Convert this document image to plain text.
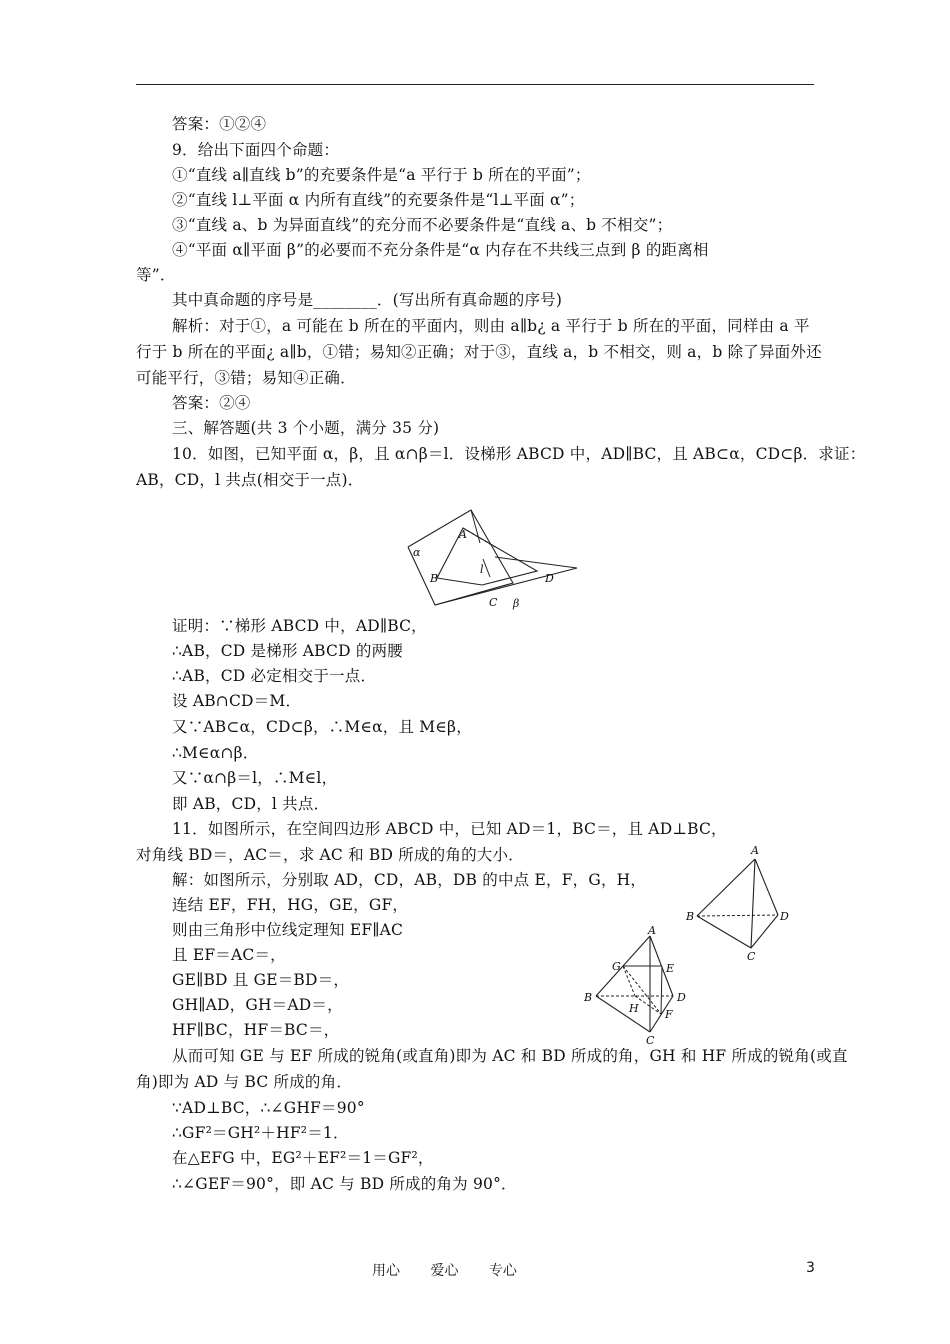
答案：①②④
9．给出下面四个命题：
①“直线 a∥直线 b”的充要条件是“a 平行于 b 所在的平面”；
②“直线 l⊥平面 α 内所有直线”的充要条件是“l⊥平面 α”；
③“直线 a、b 为异面直线”的充分而不必要条件是“直线 a、b 不相交”；
④“平面 α∥平面 β”的必要而不充分条件是“α 内存在不共线三点到 β 的距离相
等”．
其中真命题的序号是________．(写出所有真命题的序号)
解析：对于①，a 可能在 b 所在的平面内，则由 a∥b¿ a 平行于 b 所在的平面，同样由 a 平
行于 b 所在的平面¿ a∥b，①错；易知②正确；对于③，直线 a，b 不相交，则 a，b 除了异面外还
可能平行，③错；易知④正确．
答案：②④
三、解答题(共 3 个小题，满分 35 分)
10．如图，已知平面 α，β，且 α∩β＝l．设梯形 ABCD 中，AD∥BC，且 AB⊂α，CD⊂β．求证：
AB，CD，l 共点(相交于一点)．
证明：∵梯形 ABCD 中，AD∥BC，
∴AB，CD 是梯形 ABCD 的两腰
∴AB，CD 必定相交于一点．
设 AB∩CD＝M．
又∵AB⊂α，CD⊂β，∴M∈α，且 M∈β，
∴M∈α∩β．
又∵α∩β＝l，∴M∈l，
即 AB，CD，l 共点．
11．如图所示，在空间四边形 ABCD 中，已知 AD＝1，BC＝，且 AD⊥BC，
对角线 BD＝，AC＝，求 AC 和 BD 所成的角的大小．
解：如图所示，分别取 AD，CD，AB，DB 的中点 E，F，G，H，
连结 EF，FH，HG，GE，GF，
则由三角形中位线定理知 EF∥AC
且 EF＝AC＝，
GE∥BD 且 GE＝BD＝，
GH∥AD，GH＝AD＝，
HF∥BC，HF＝BC＝，
从而可知 GE 与 EF 所成的锐角(或直角)即为 AC 和 BD 所成的角，GH 和 HF 所成的锐角(或直
角)即为 AD 与 BC 所成的角．
∵AD⊥BC，∴∠GHF＝90°
∴GF²＝GH²＋HF²＝1．
在△EFG 中，EG²＋EF²＝1＝GF²，
∴∠GEF＝90°，即 AC 与 BD 所成的角为 90°．
α
A
B
l
D
C β
A
B	D
C
A
B	D
C
E
F
G
H
用心 爱心 专心	3
